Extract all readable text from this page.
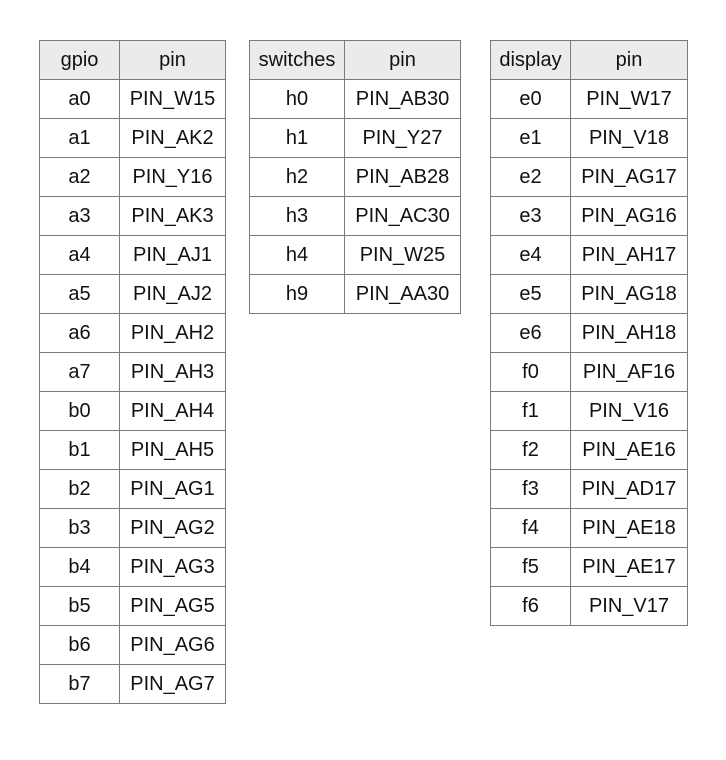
gpio	pin
a0	PIN_W15
a1	PIN_AK2
a2	PIN_Y16
a3	PIN_AK3
a4	PIN_AJ1
a5	PIN_AJ2
a6	PIN_AH2
a7	PIN_AH3
b0	PIN_AH4
b1	PIN_AH5
b2	PIN_AG1
b3	PIN_AG2
b4	PIN_AG3
b5	PIN_AG5
b6	PIN_AG6
b7	PIN_AG7
switches	pin
h0	PIN_AB30
h1	PIN_Y27
h2	PIN_AB28
h3	PIN_AC30
h4	PIN_W25
h9	PIN_AA30
display	pin
e0	PIN_W17
e1	PIN_V18
e2	PIN_AG17
e3	PIN_AG16
e4	PIN_AH17
e5	PIN_AG18
e6	PIN_AH18
f0	PIN_AF16
f1	PIN_V16
f2	PIN_AE16
f3	PIN_AD17
f4	PIN_AE18
f5	PIN_AE17
f6	PIN_V17
